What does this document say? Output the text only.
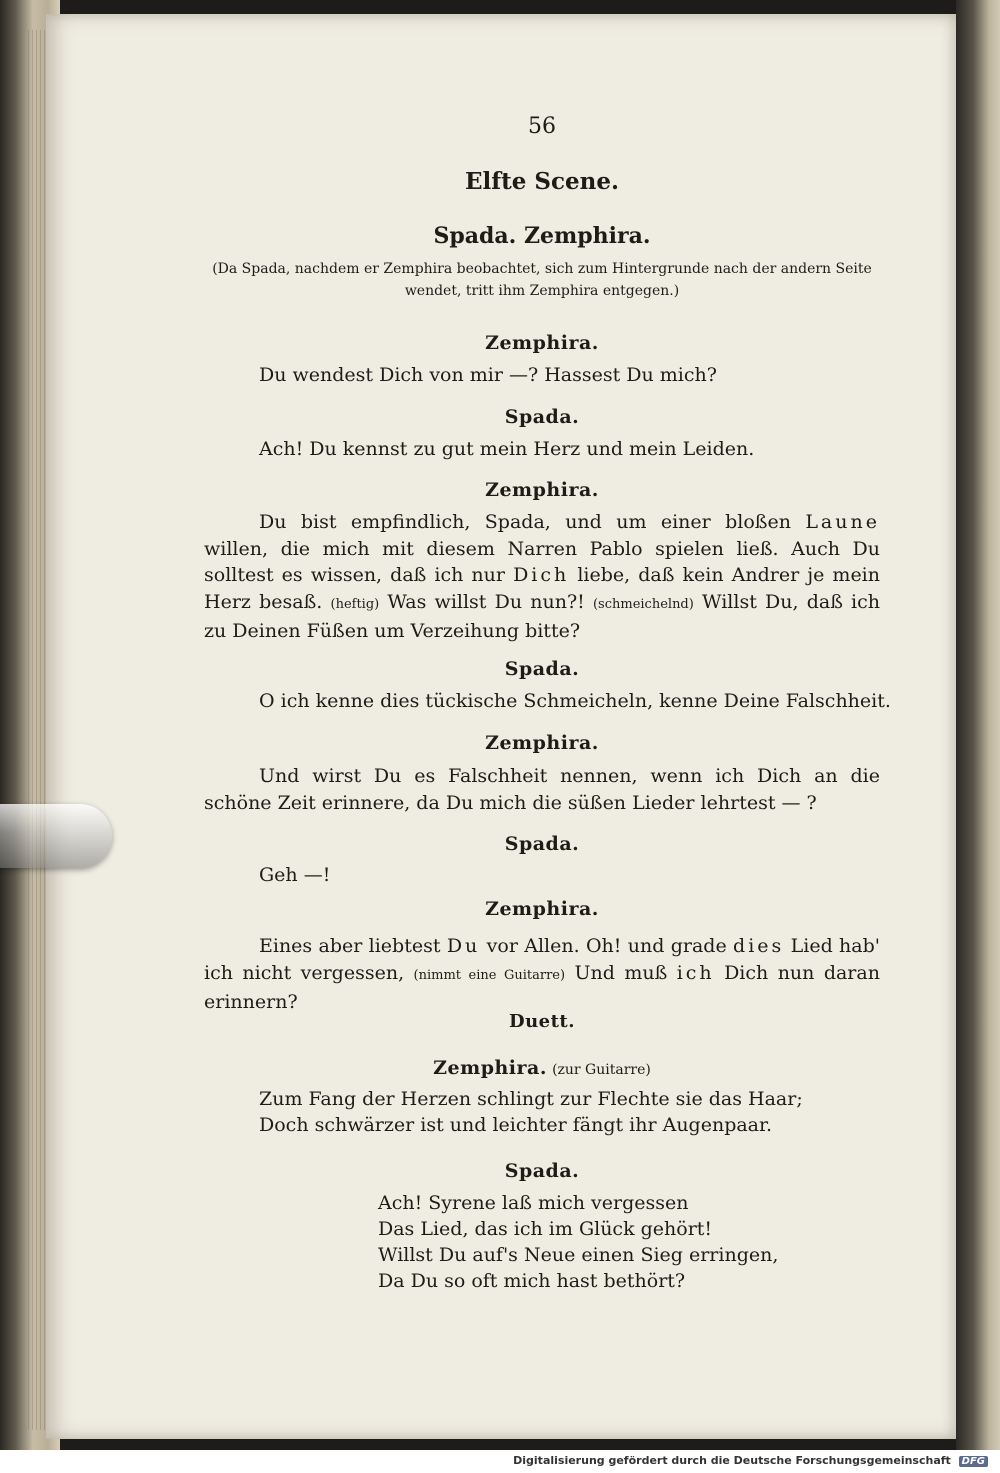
56
Elfte Scene.
Spada. Zemphira.
(Da Spada, nachdem er Zemphira beobachtet, sich zum Hintergrunde nach der andern Seite wendet, tritt ihm Zemphira entgegen.)
Zemphira.
Du wendest Dich von mir —? Hassest Du mich?
Spada.
Ach! Du kennst zu gut mein Herz und mein Leiden.
Zemphira.
Du bist empfindlich, Spada, und um einer bloßen Laune willen, die mich mit diesem Narren Pablo spielen ließ. Auch Du solltest es wissen, daß ich nur Dich liebe, daß kein Andrer je mein Herz besaß. (heftig) Was willst Du nun?! (schmeichelnd) Willst Du, daß ich zu Deinen Füßen um Verzeihung bitte?
Spada.
O ich kenne dies tückische Schmeicheln, kenne Deine Falschheit.
Zemphira.
Und wirst Du es Falschheit nennen, wenn ich Dich an die schöne Zeit erinnere, da Du mich die süßen Lieder lehrtest — ?
Spada.
Geh —!
Zemphira.
Eines aber liebtest Du vor Allen. Oh! und grade dies Lied hab' ich nicht vergessen, (nimmt eine Guitarre) Und muß ich Dich nun daran erinnern?
Duett.
Zemphira. (zur Guitarre)
Zum Fang der Herzen schlingt zur Flechte sie das Haar;
Doch schwärzer ist und leichter fängt ihr Augenpaar.
Spada.
Ach! Syrene laß mich vergessen
Das Lied, das ich im Glück gehört!
Willst Du auf's Neue einen Sieg erringen,
Da Du so oft mich hast bethört?
Digitalisierung gefördert durch die Deutsche Forschungsgemeinschaft DFG
